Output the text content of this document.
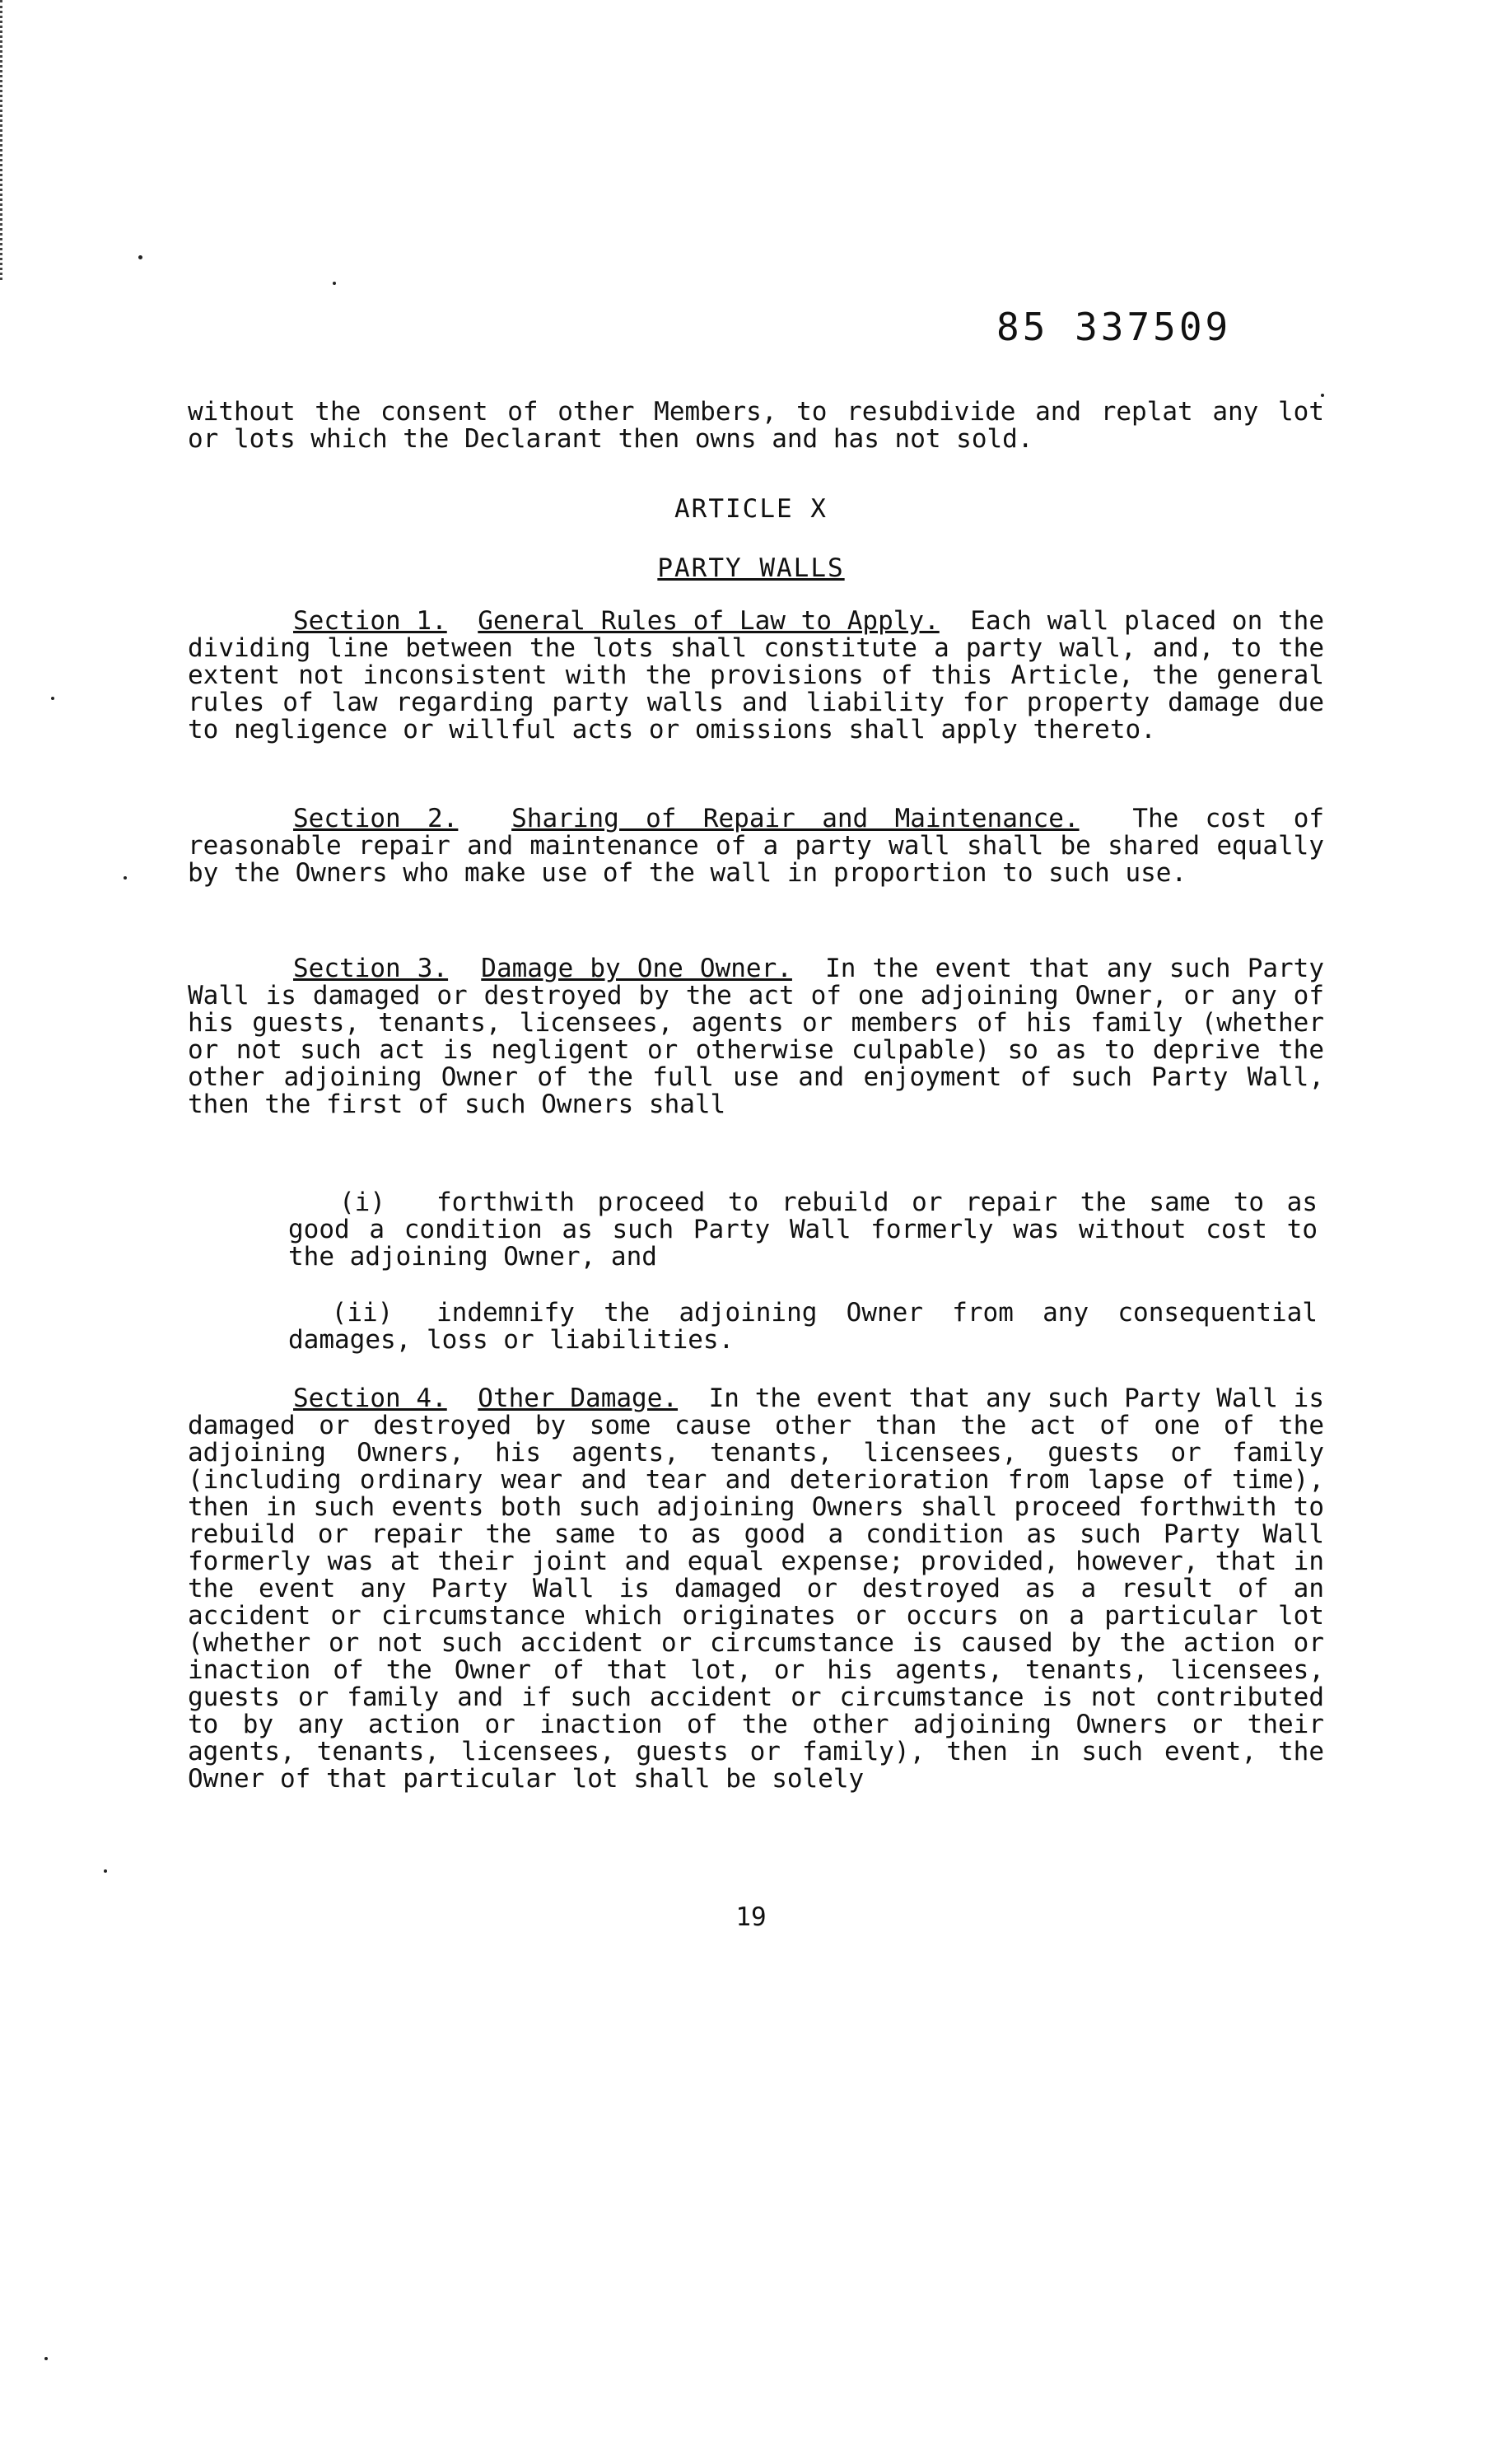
85 337509
without the consent of other Members, to resubdivide and replat any lot or lots which the Declarant then owns and has not sold.
ARTICLE X
PARTY WALLS
Section 1. General Rules of Law to Apply. Each wall placed on the dividing line between the lots shall constitute a party wall, and, to the extent not inconsistent with the provisions of this Article, the general rules of law regarding party walls and liability for property damage due to negligence or willful acts or omissions shall apply thereto.
Section 2. Sharing of Repair and Maintenance. The cost of reasonable repair and maintenance of a party wall shall be shared equally by the Owners who make use of the wall in proportion to such use.
Section 3. Damage by One Owner. In the event that any such Party Wall is damaged or destroyed by the act of one adjoining Owner, or any of his guests, tenants, licensees, agents or members of his family (whether or not such act is negligent or otherwise culpable) so as to deprive the other adjoining Owner of the full use and enjoyment of such Party Wall, then the first of such Owners shall
(i) forthwith proceed to rebuild or repair the same to as good a condition as such Party Wall formerly was without cost to the adjoining Owner, and
(ii) indemnify the adjoining Owner from any consequential damages, loss or liabilities.
Section 4. Other Damage. In the event that any such Party Wall is damaged or destroyed by some cause other than the act of one of the adjoining Owners, his agents, tenants, licensees, guests or family (including ordinary wear and tear and deterioration from lapse of time), then in such events both such adjoining Owners shall proceed forthwith to rebuild or repair the same to as good a condition as such Party Wall formerly was at their joint and equal expense; provided, however, that in the event any Party Wall is damaged or destroyed as a result of an accident or circumstance which originates or occurs on a particular lot (whether or not such accident or circumstance is caused by the action or inaction of the Owner of that lot, or his agents, tenants, licensees, guests or family and if such accident or circumstance is not contributed to by any action or inaction of the other adjoining Owners or their agents, tenants, licensees, guests or family), then in such event, the Owner of that particular lot shall be solely
19
